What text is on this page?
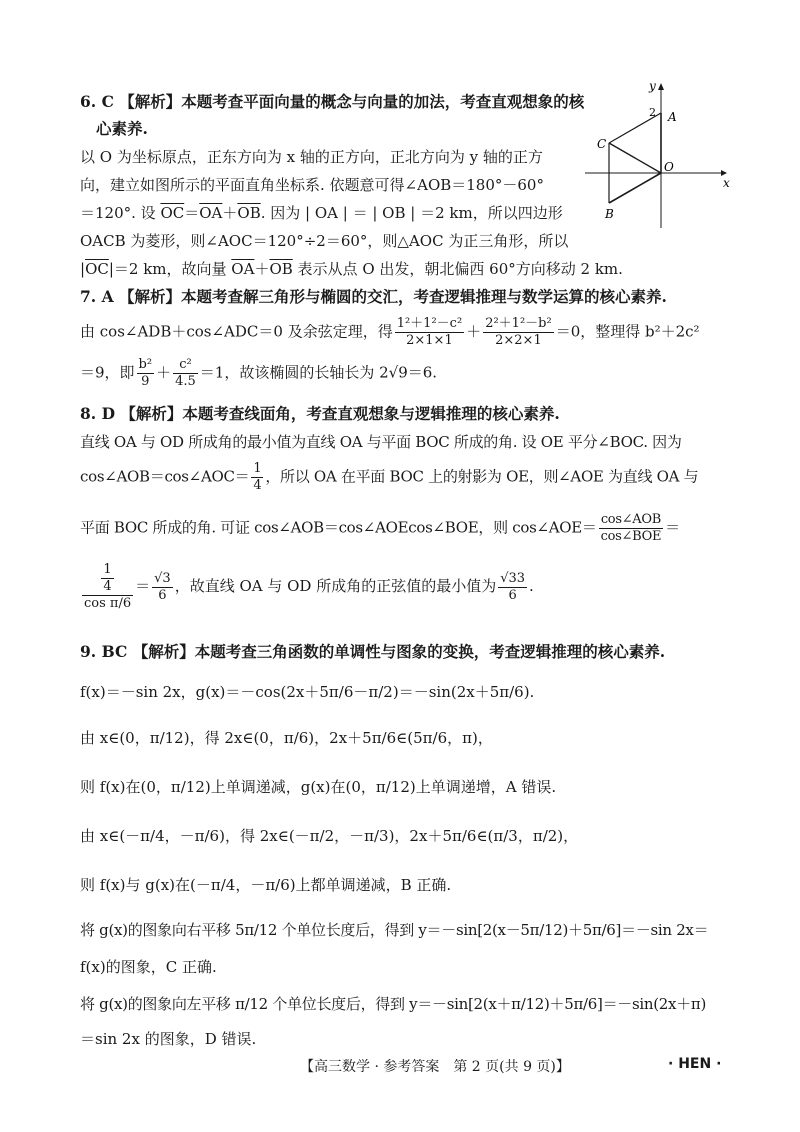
6. C 【解析】本题考查平面向量的概念与向量的加法，考查直观想象的核
心素养.
以 O 为坐标原点，正东方向为 x 轴的正方向，正北方向为 y 轴的正方
向，建立如图所示的平面直角坐标系. 依题意可得∠AOB＝180°－60°
＝120°. 设 $\overline{OC}=\overline{OA}+\overline{OB}$. 因为 | OA | ＝ | OB | ＝2 km，所以四边形
OACB 为菱形，则∠AOC＝120°÷2＝60°，则△AOC 为正三角形，所以
$|\overline{OC}|=2$ km，故向量 $\overline{OA}+\overline{OB}$ 表示从点 O 出发，朝北偏西 60°方向移动 2 km.
y
x
2 A
O
C
B
7. A 【解析】本题考查解三角形与椭圆的交汇，考查逻辑推理与数学运算的核心素养.
由 cos∠ADB＋cos∠ADC＝0 及余弦定理，得 $\frac{\text{1²＋1²－c²}}{2\times 1\times 1} + \frac{\text{2²＋1²－b²}}{2\times 2\times 1} =0$，整理得 b²＋2c²
＝9，即 $\frac{\text{b²}}{9} + \frac{\text{c²}}{4.5} =1$，故该椭圆的长轴长为 2√9＝6.
8. D 【解析】本题考查线面角，考查直观想象与逻辑推理的核心素养.
直线 OA 与 OD 所成角的最小值为直线 OA 与平面 BOC 所成的角. 设 OE 平分∠BOC. 因为
cos∠AOB＝cos∠AOC＝ $\frac{1}{4}$ ，所以 OA 在平面 BOC 上的射影为 OE，则∠AOE 为直线 OA 与
平面 BOC 所成的角. 可证 cos∠AOB＝cos∠AOEcos∠BOE，则 cos∠AOE＝ $\frac{\text{cos∠AOB}}{\text{cos∠BOE}}$ ＝
$\frac{\frac{1}{4}}{\text{cos π/6}} = \frac{√3}{6}$ ，故直线 OA 与 OD 所成角的正弦值的最小值为 $\frac{√33}{6}$ .
9. BC 【解析】本题考查三角函数的单调性与图象的变换，考查逻辑推理的核心素养.
f(x)＝－sin 2x，g(x)＝－cos(2x＋5π/6－π/2)＝－sin(2x＋5π/6).
由 x∈(0，π/12)，得 2x∈(0，π/6)，2x＋5π/6∈(5π/6，π)，
则 f(x)在(0，π/12)上单调递减，g(x)在(0，π/12)上单调递增，A 错误.
由 x∈(－π/4，－π/6)，得 2x∈(－π/2，－π/3)，2x＋5π/6∈(π/3，π/2)，
则 f(x)与 g(x)在(－π/4，－π/6)上都单调递减，B 正确.
将 g(x)的图象向右平移 5π/12 个单位长度后，得到 y＝－sin[2(x－5π/12)＋5π/6]＝－sin 2x＝
f(x)的图象，C 正确.
将 g(x)的图象向左平移 π/12 个单位长度后，得到 y＝－sin[2(x＋π/12)＋5π/6]＝－sin(2x＋π)
＝sin 2x 的图象，D 错误.
【高三数学 · 参考答案　第 2 页(共 9 页)】	· HEN ·
